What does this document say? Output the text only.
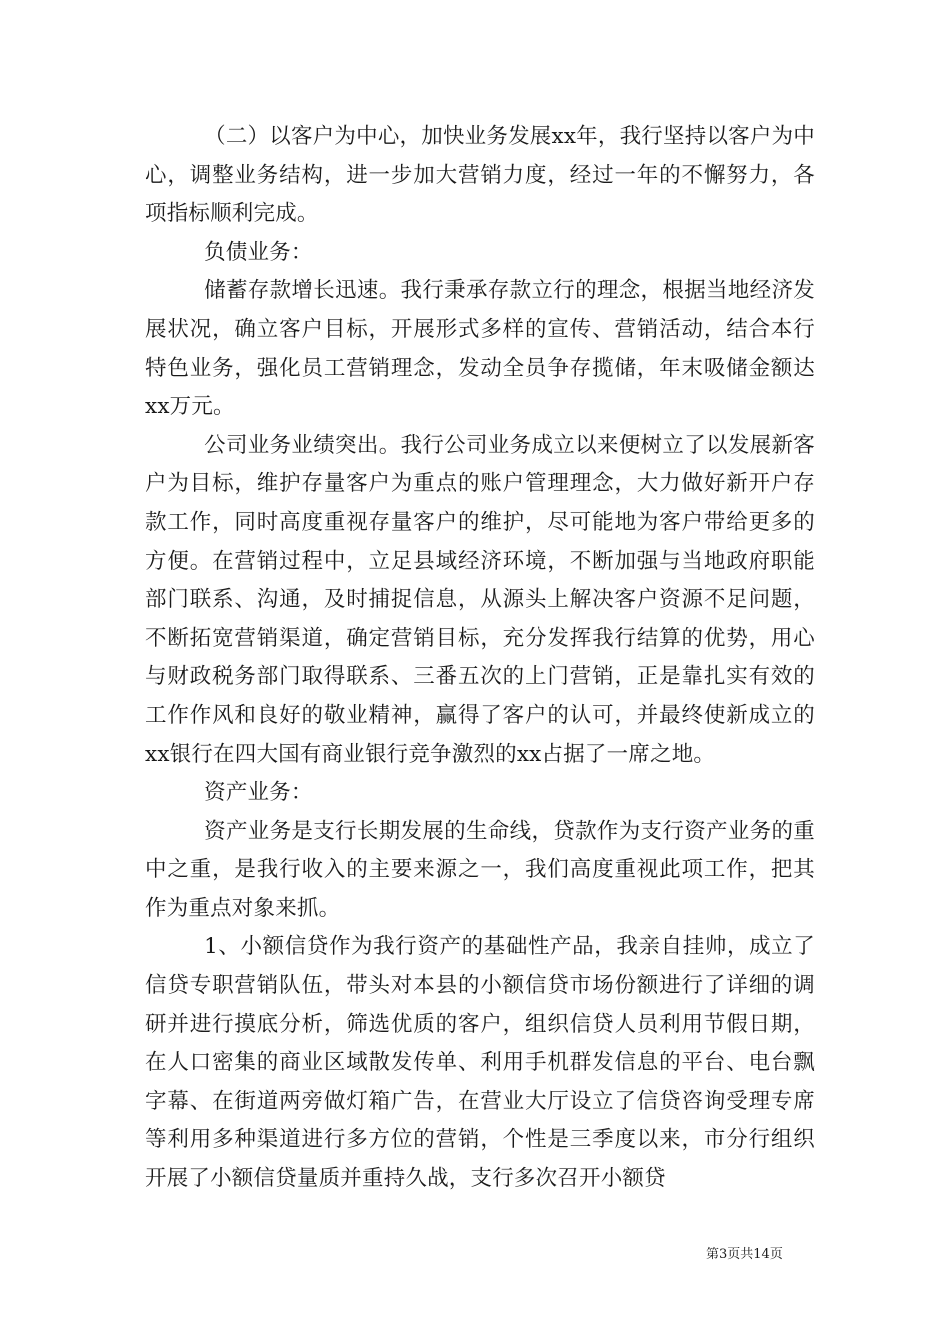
（二）以客户为中心，加快业务发展xx年，我行坚持以客户为中心，调整业务结构，进一步加大营销力度，经过一年的不懈努力，各项指标顺利完成。

负债业务：

储蓄存款增长迅速。我行秉承存款立行的理念，根据当地经济发展状况，确立客户目标，开展形式多样的宣传、营销活动，结合本行特色业务，强化员工营销理念，发动全员争存揽储，年末吸储金额达xx万元。

公司业务业绩突出。我行公司业务成立以来便树立了以发展新客户为目标，维护存量客户为重点的账户管理理念，大力做好新开户存款工作，同时高度重视存量客户的维护，尽可能地为客户带给更多的方便。在营销过程中，立足县域经济环境，不断加强与当地政府职能部门联系、沟通，及时捕捉信息，从源头上解决客户资源不足问题，不断拓宽营销渠道，确定营销目标，充分发挥我行结算的优势，用心与财政税务部门取得联系、三番五次的上门营销，正是靠扎实有效的工作作风和良好的敬业精神，赢得了客户的认可，并最终使新成立的xx银行在四大国有商业银行竞争激烈的xx占据了一席之地。

资产业务：

资产业务是支行长期发展的生命线，贷款作为支行资产业务的重中之重，是我行收入的主要来源之一，我们高度重视此项工作，把其作为重点对象来抓。

1、小额信贷作为我行资产的基础性产品，我亲自挂帅，成立了信贷专职营销队伍，带头对本县的小额信贷市场份额进行了详细的调研并进行摸底分析，筛选优质的客户，组织信贷人员利用节假日期，在人口密集的商业区域散发传单、利用手机群发信息的平台、电台飘字幕、在街道两旁做灯箱广告，在营业大厅设立了信贷咨询受理专席等利用多种渠道进行多方位的营销，个性是三季度以来，市分行组织开展了小额信贷量质并重持久战，支行多次召开小额贷

第3页共14页
